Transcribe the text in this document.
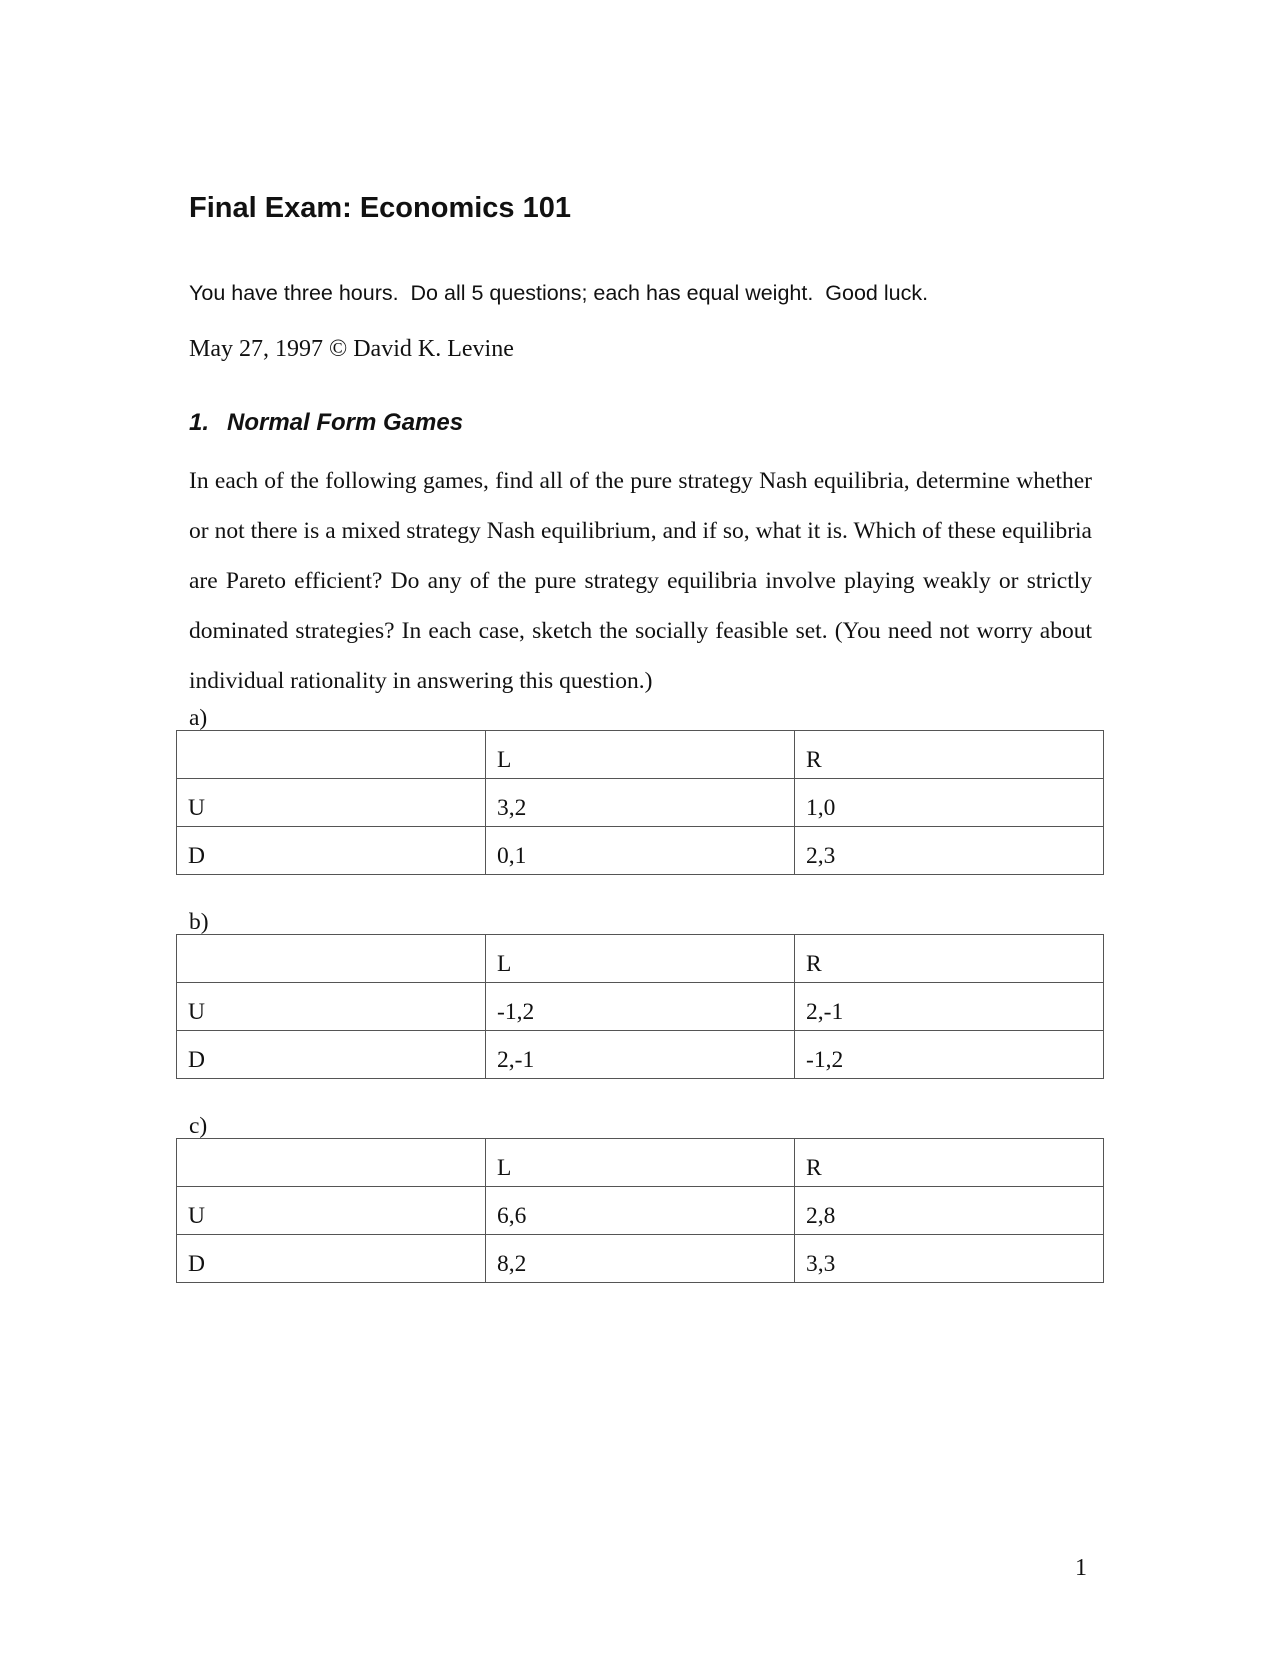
Final Exam: Economics 101

You have three hours.  Do all 5 questions; each has equal weight.  Good luck.

May 27, 1997 © David K. Levine

1. Normal Form Games

In each of the following games, find all of the pure strategy Nash equilibria, determine whether or not there is a mixed strategy Nash equilibrium, and if so, what it is. Which of these equilibria are Pareto efficient? Do any of the pure strategy equilibria involve playing weakly or strictly dominated strategies? In each case, sketch the socially feasible set. (You need not worry about individual rationality in answering this question.)

a)

	L	R
U	3,2	1,0
D	0,1	2,3

b)

	L	R
U	-1,2	2,-1
D	2,-1	-1,2

c)

	L	R
U	6,6	2,8
D	8,2	3,3

1
